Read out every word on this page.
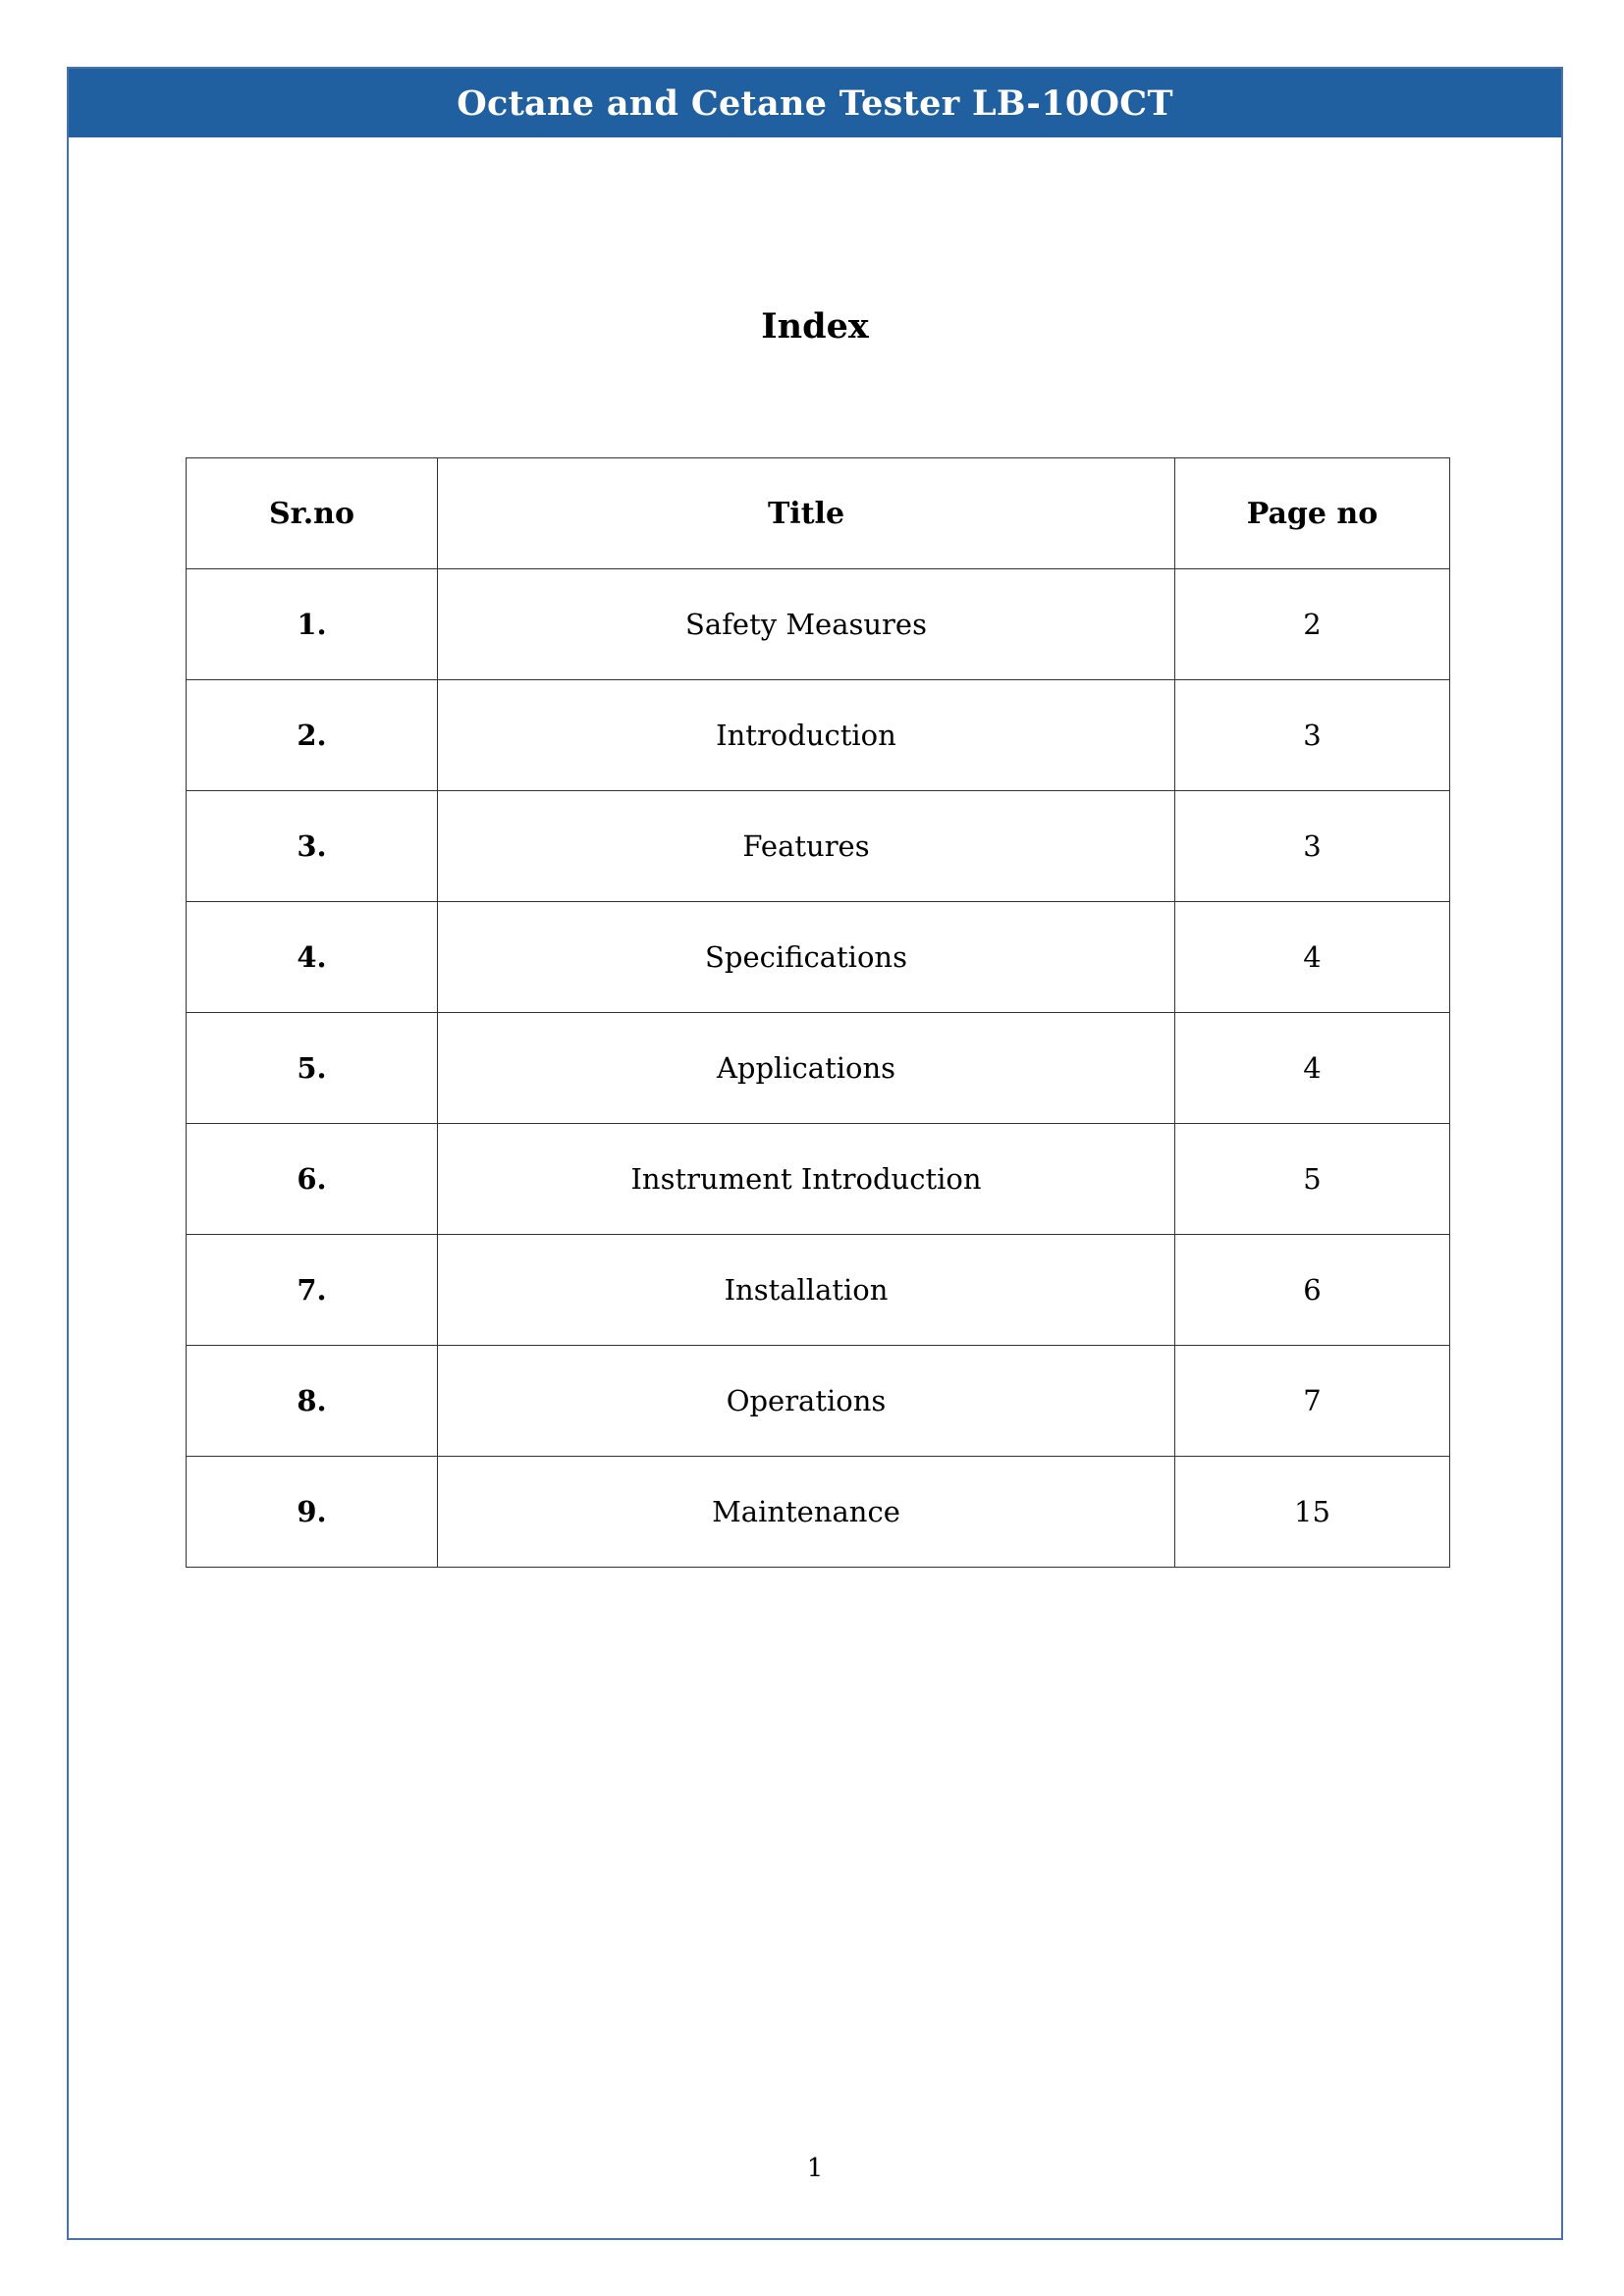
Octane and Cetane Tester LB-10OCT
Index
Sr.no	Title	Page no
1.	Safety Measures	2
2.	Introduction	3
3.	Features	3
4.	Specifications	4
5.	Applications	4
6.	Instrument Introduction	5
7.	Installation	6
8.	Operations	7
9.	Maintenance	15
1
